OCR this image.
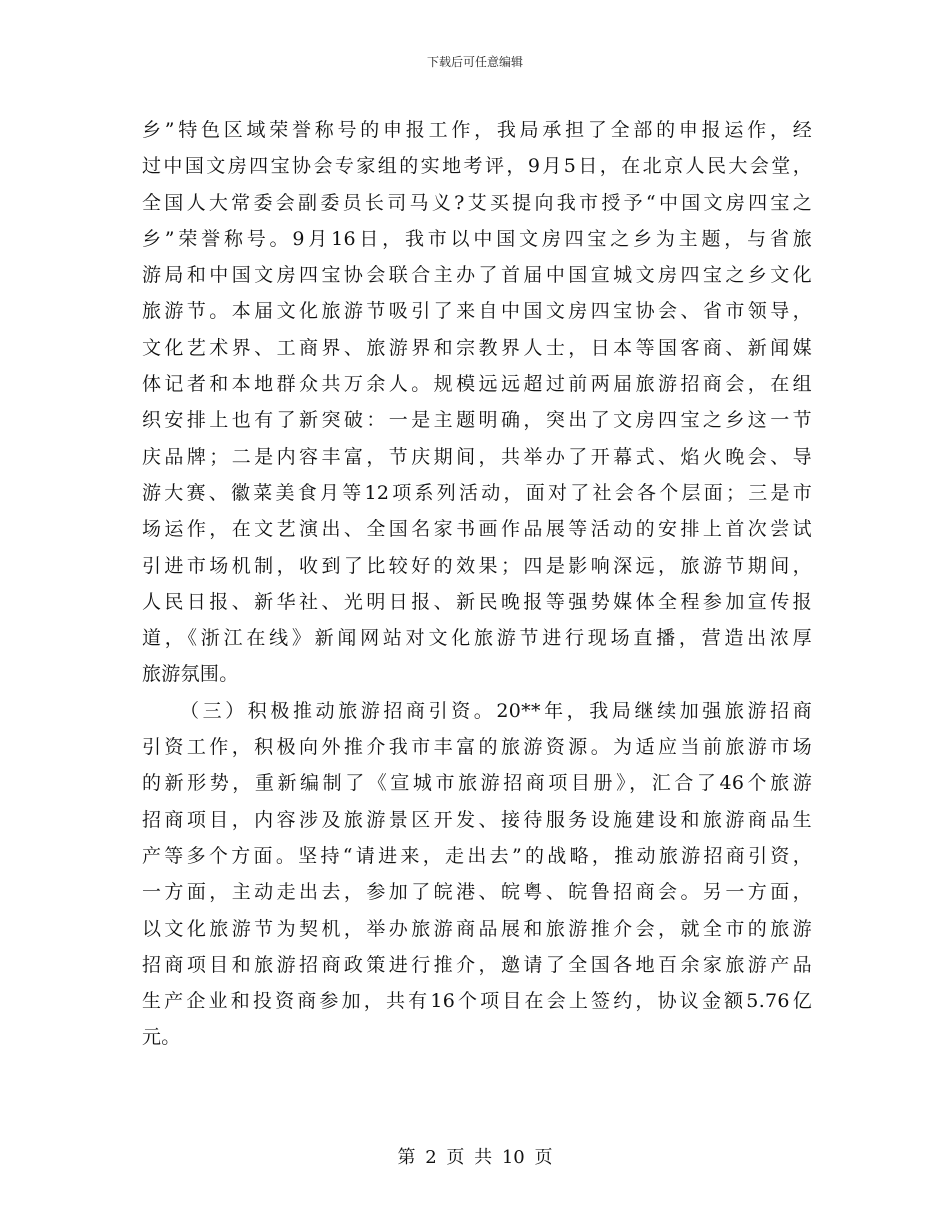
下载后可任意编辑
乡”特色区域荣誉称号的申报工作，我局承担了全部的申报运作，经
过中国文房四宝协会专家组的实地考评，9月5日，在北京人民大会堂，
全国人大常委会副委员长司马义?艾买提向我市授予“中国文房四宝之
乡”荣誉称号。9月16日，我市以中国文房四宝之乡为主题，与省旅
游局和中国文房四宝协会联合主办了首届中国宣城文房四宝之乡文化
旅游节。本届文化旅游节吸引了来自中国文房四宝协会、省市领导，
文化艺术界、工商界、旅游界和宗教界人士，日本等国客商、新闻媒
体记者和本地群众共万余人。规模远远超过前两届旅游招商会，在组
织安排上也有了新突破：一是主题明确，突出了文房四宝之乡这一节
庆品牌；二是内容丰富，节庆期间，共举办了开幕式、焰火晚会、导
游大赛、徽菜美食月等12项系列活动，面对了社会各个层面；三是市
场运作，在文艺演出、全国名家书画作品展等活动的安排上首次尝试
引进市场机制，收到了比较好的效果；四是影响深远，旅游节期间，
人民日报、新华社、光明日报、新民晚报等强势媒体全程参加宣传报
道，《浙江在线》新闻网站对文化旅游节进行现场直播，营造出浓厚
旅游氛围。
（三）积极推动旅游招商引资。20**年，我局继续加强旅游招商
引资工作，积极向外推介我市丰富的旅游资源。为适应当前旅游市场
的新形势，重新编制了《宣城市旅游招商项目册》，汇合了46个旅游
招商项目，内容涉及旅游景区开发、接待服务设施建设和旅游商品生
产等多个方面。坚持“请进来，走出去”的战略，推动旅游招商引资，
一方面，主动走出去，参加了皖港、皖粤、皖鲁招商会。另一方面，
以文化旅游节为契机，举办旅游商品展和旅游推介会，就全市的旅游
招商项目和旅游招商政策进行推介，邀请了全国各地百余家旅游产品
生产企业和投资商参加，共有16个项目在会上签约，协议金额5.76亿
元。
第 2 页 共 10 页
